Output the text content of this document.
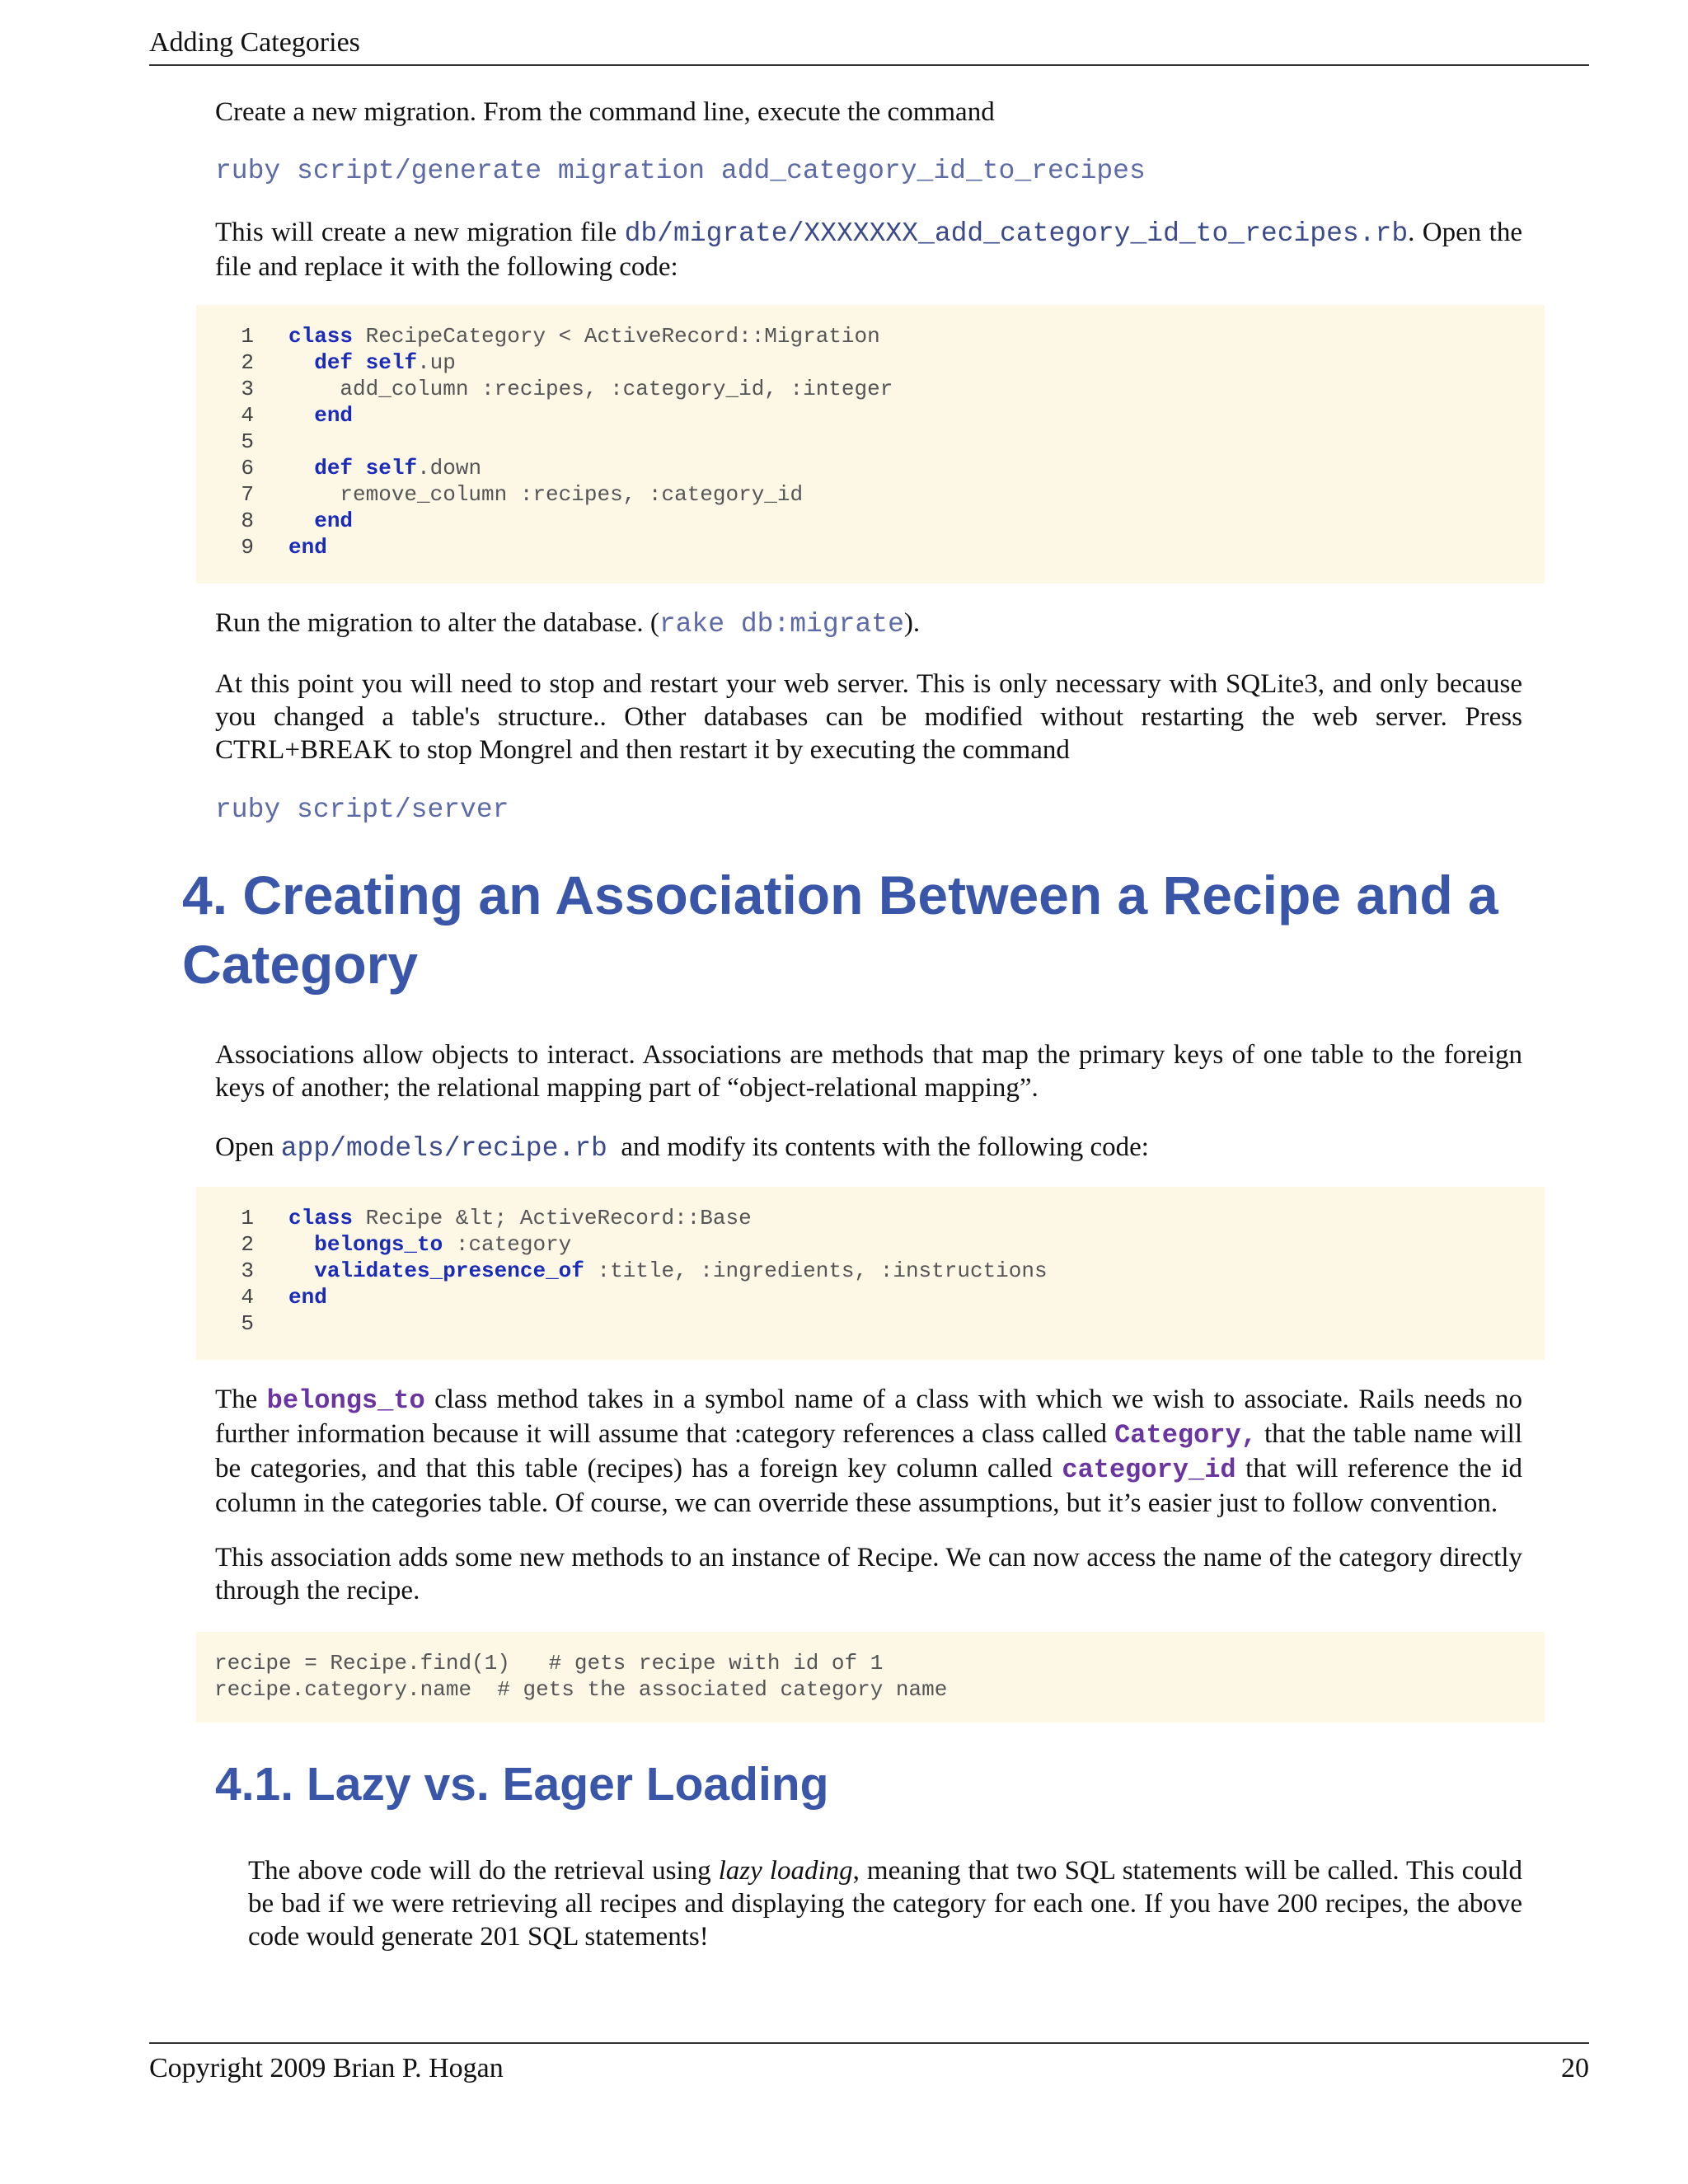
Adding Categories
Create a new migration. From the command line, execute the command
ruby script/generate migration add_category_id_to_recipes
This will create a new migration file db/migrate/XXXXXXX_add_category_id_to_recipes.rb. Open the file and replace it with the following code:
1	class RecipeCategory < ActiveRecord::Migration
2	def self.up
3	add_column :recipes, :category_id, :integer
4	end
5
6	def self.down
7	remove_column :recipes, :category_id
8	end
9	end
Run the migration to alter the database. (rake db:migrate).
At this point you will need to stop and restart your web server. This is only necessary with SQLite3, and only because you changed a table's structure.. Other databases can be modified without restarting the web server. Press CTRL+BREAK to stop Mongrel and then restart it by executing the command
ruby script/server
4. Creating an Association Between a Recipe and a Category
Associations allow objects to interact. Associations are methods that map the primary keys of one table to the foreign keys of another; the relational mapping part of “object-relational mapping”.
Open app/models/recipe.rb  and modify its contents with the following code:
1	class Recipe &lt; ActiveRecord::Base
2	belongs_to :category
3	validates_presence_of :title, :ingredients, :instructions
4	end
5
The belongs_to class method takes in a symbol name of a class with which we wish to associate. Rails needs no further information because it will assume that :category references a class called Category, that the table name will be categories, and that this table (recipes) has a foreign key column called category_id that will reference the id column in the categories table. Of course, we can override these assumptions, but it’s easier just to follow convention.
This association adds some new methods to an instance of Recipe. We can now access the name of the category directly through the recipe.
recipe = Recipe.find(1)   # gets recipe with id of 1
recipe.category.name  # gets the associated category name
4.1. Lazy vs. Eager Loading
The above code will do the retrieval using lazy loading, meaning that two SQL statements will be called. This could be bad if we were retrieving all recipes and displaying the category for each one. If you have 200 recipes, the above code would generate 201 SQL statements!
Copyright 2009 Brian P. Hogan	20
